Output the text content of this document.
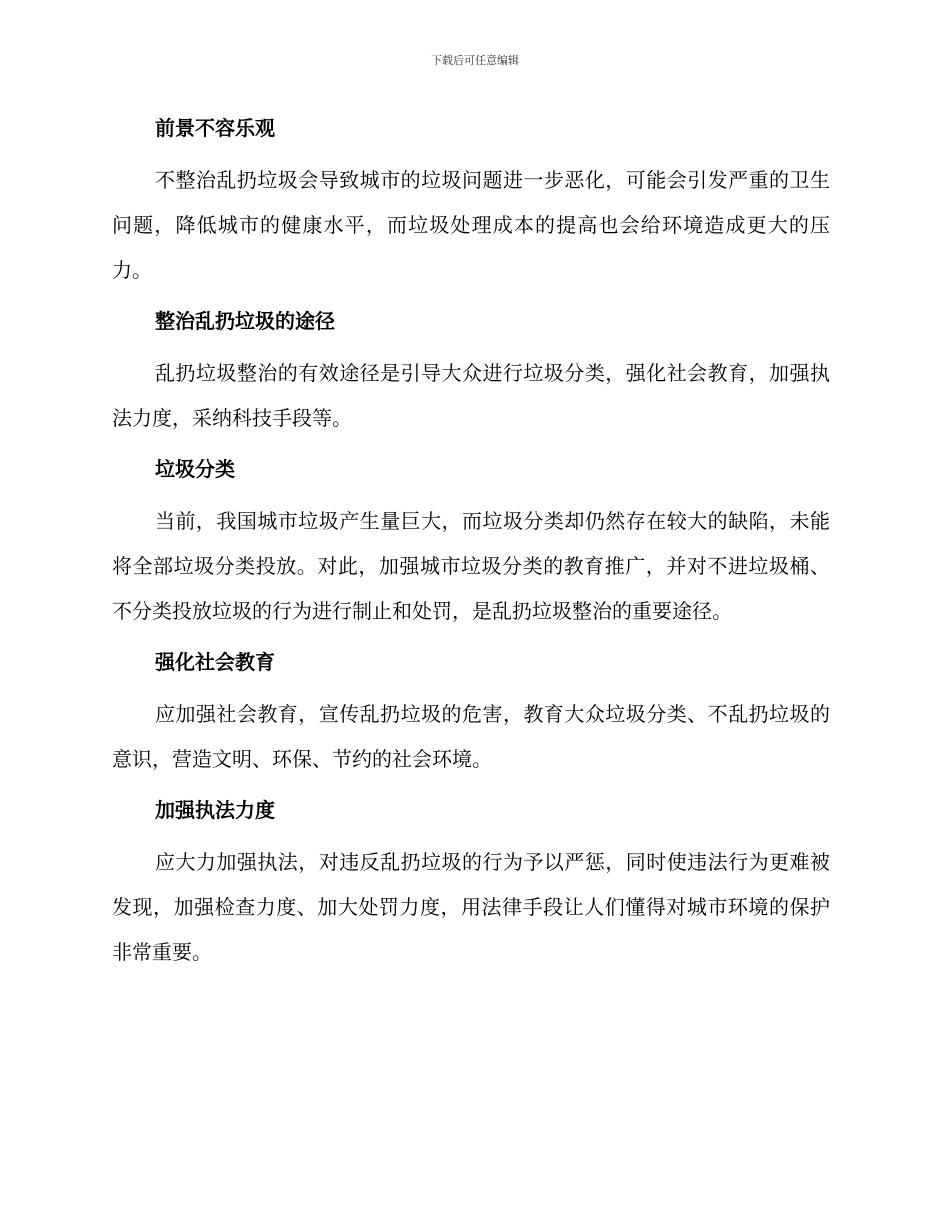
下载后可任意编辑
前景不容乐观

不整治乱扔垃圾会导致城市的垃圾问题进一步恶化，可能会引发严重的卫生问题，降低城市的健康水平，而垃圾处理成本的提高也会给环境造成更大的压力。

整治乱扔垃圾的途径

乱扔垃圾整治的有效途径是引导大众进行垃圾分类，强化社会教育，加强执法力度，采纳科技手段等。

垃圾分类

当前，我国城市垃圾产生量巨大，而垃圾分类却仍然存在较大的缺陷，未能将全部垃圾分类投放。对此，加强城市垃圾分类的教育推广，并对不进垃圾桶、不分类投放垃圾的行为进行制止和处罚，是乱扔垃圾整治的重要途径。

强化社会教育

应加强社会教育，宣传乱扔垃圾的危害，教育大众垃圾分类、不乱扔垃圾的意识，营造文明、环保、节约的社会环境。

加强执法力度

应大力加强执法，对违反乱扔垃圾的行为予以严惩，同时使违法行为更难被发现，加强检查力度、加大处罚力度，用法律手段让人们懂得对城市环境的保护非常重要。
